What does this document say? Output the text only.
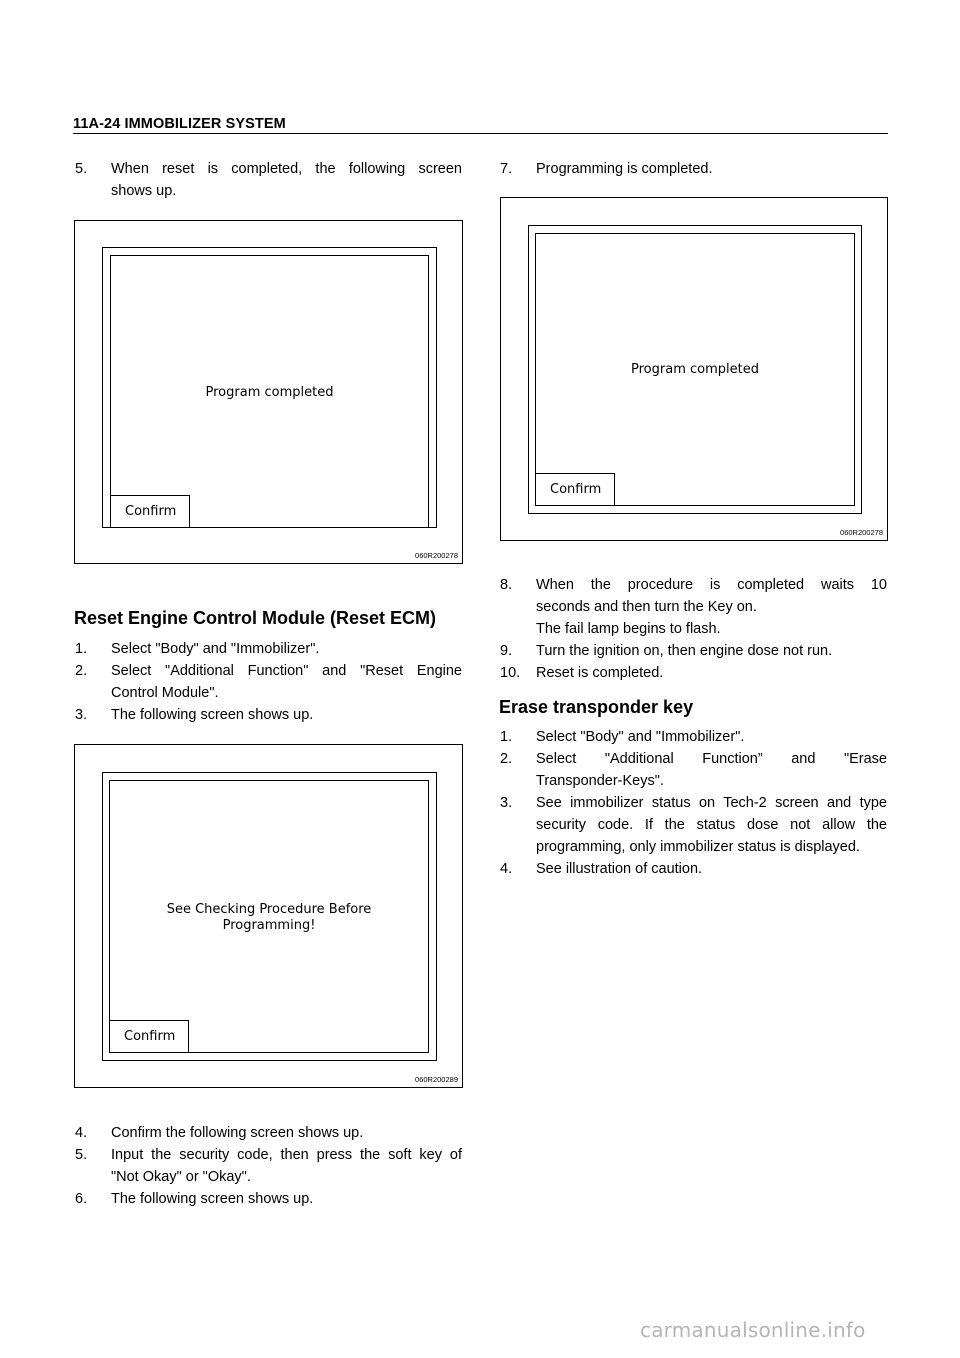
11A-24 IMMOBILIZER SYSTEM
5. When reset is completed, the following screen
shows up.
Program completed
Confirm
060R200278
Reset Engine Control Module (Reset ECM)
1. Select "Body" and "Immobilizer".
2. Select "Additional Function" and "Reset Engine
Control Module".
3. The following screen shows up.
See Checking Procedure Before
Programming!
Confirm
060R200289
4. Confirm the following screen shows up.
5. Input the security code, then press the soft key of
"Not Okay" or "Okay".
6. The following screen shows up.
7. Programming is completed.
Program completed
Confirm
060R200278
8. When the procedure is completed waits 10
seconds and then turn the Key on.
The fail lamp begins to flash.
9. Turn the ignition on, then engine dose not run.
10. Reset is completed.
Erase transponder key
1. Select "Body" and "Immobilizer".
2. Select "Additional Function” and "Erase
Transponder-Keys".
3. See immobilizer status on Tech-2 screen and type
security code. If the status dose not allow the
programming, only immobilizer status is displayed.
4. See illustration of caution.
carmanualsonline.info
